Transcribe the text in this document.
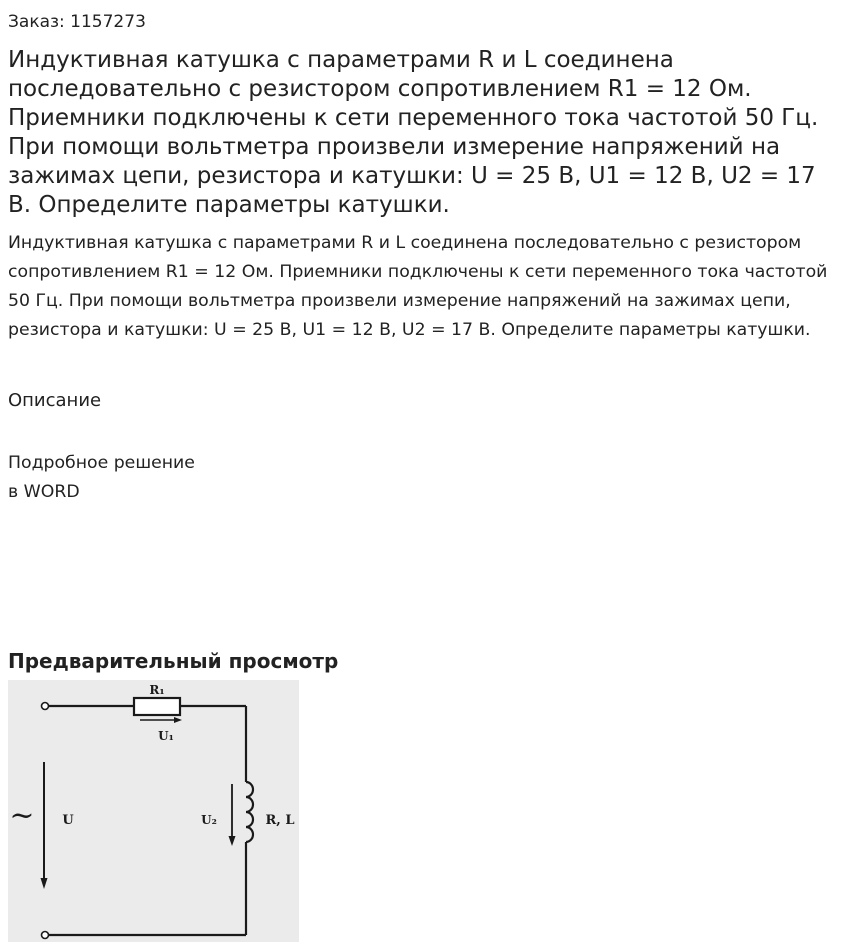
Заказ: 1157273
Индуктивная катушка с параметрами R и L соединена последовательно с резистором сопротивлением R1 = 12 Ом. Приемники подключены к сети переменного тока частотой 50 Гц. При помощи вольтметра произвели измерение напряжений на зажимах цепи, резистора и катушки: U = 25 В, U1 = 12 В, U2 = 17 В. Определите параметры катушки.

Индуктивная катушка с параметрами R и L соединена последовательно с резистором сопротивлением R1 = 12 Ом. Приемники подключены к сети переменного тока частотой 50 Гц. При помощи вольтметра произвели измерение напряжений на зажимах цепи, резистора и катушки: U = 25 В, U1 = 12 В, U2 = 17 В. Определите параметры катушки.

Описание
Подробное решение
в WORD
Предварительный просмотр
R₁
U₁
~ U	R, L
U₂
